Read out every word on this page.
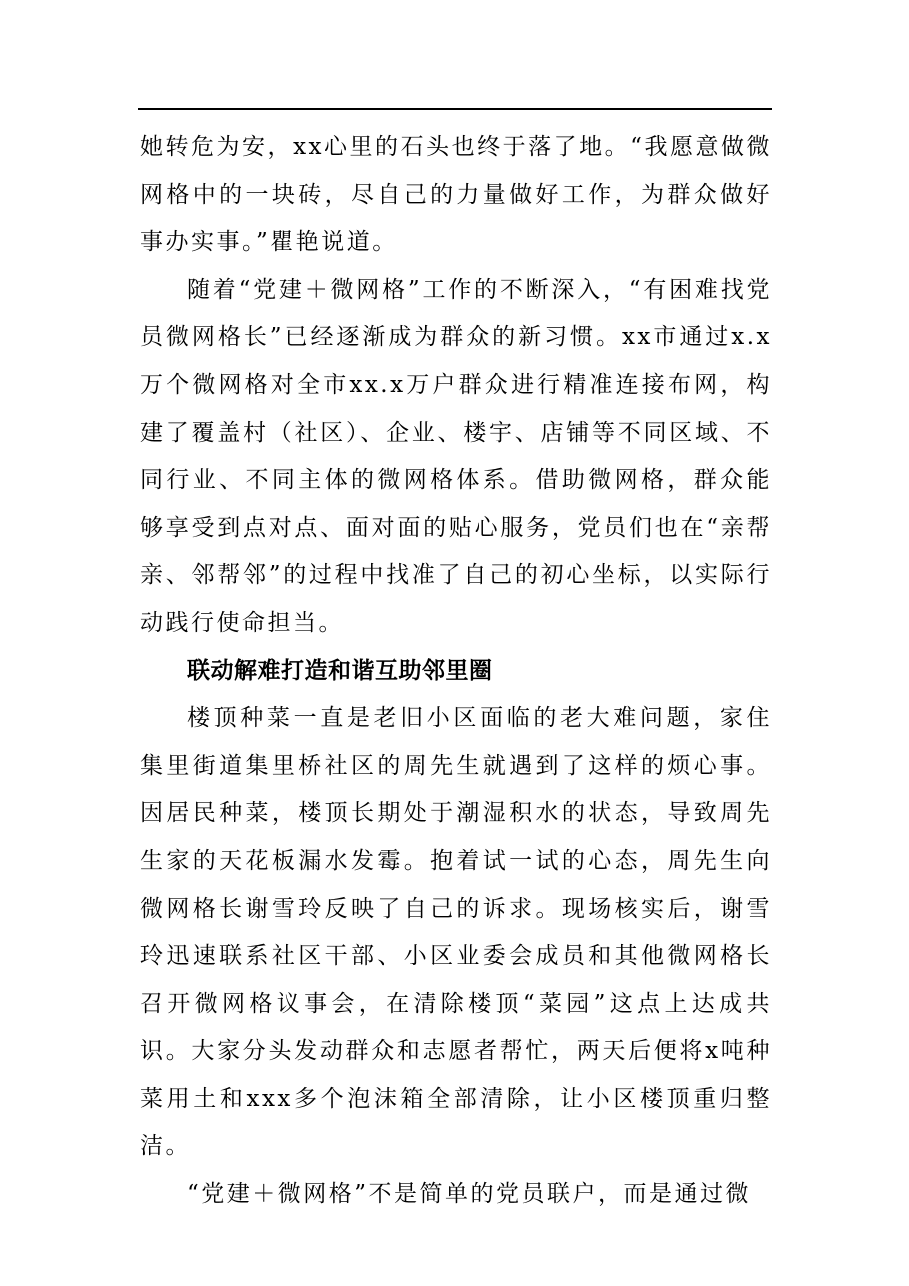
她转危为安，xx心里的石头也终于落了地。“我愿意做微网格中的一块砖，尽自己的力量做好工作，为群众做好事办实事。”瞿艳说道。

随着“党建＋微网格”工作的不断深入，“有困难找党员微网格长”已经逐渐成为群众的新习惯。xx市通过x.x万个微网格对全市xx.x万户群众进行精准连接布网，构建了覆盖村（社区）、企业、楼宇、店铺等不同区域、不同行业、不同主体的微网格体系。借助微网格，群众能够享受到点对点、面对面的贴心服务，党员们也在“亲帮亲、邻帮邻”的过程中找准了自己的初心坐标，以实际行动践行使命担当。

联动解难打造和谐互助邻里圈

楼顶种菜一直是老旧小区面临的老大难问题，家住集里街道集里桥社区的周先生就遇到了这样的烦心事。因居民种菜，楼顶长期处于潮湿积水的状态，导致周先生家的天花板漏水发霉。抱着试一试的心态，周先生向微网格长谢雪玲反映了自己的诉求。现场核实后，谢雪玲迅速联系社区干部、小区业委会成员和其他微网格长召开微网格议事会，在清除楼顶“菜园”这点上达成共识。大家分头发动群众和志愿者帮忙，两天后便将x吨种菜用土和xxx多个泡沫箱全部清除，让小区楼顶重归整洁。

“党建＋微网格”不是简单的党员联户，而是通过微
